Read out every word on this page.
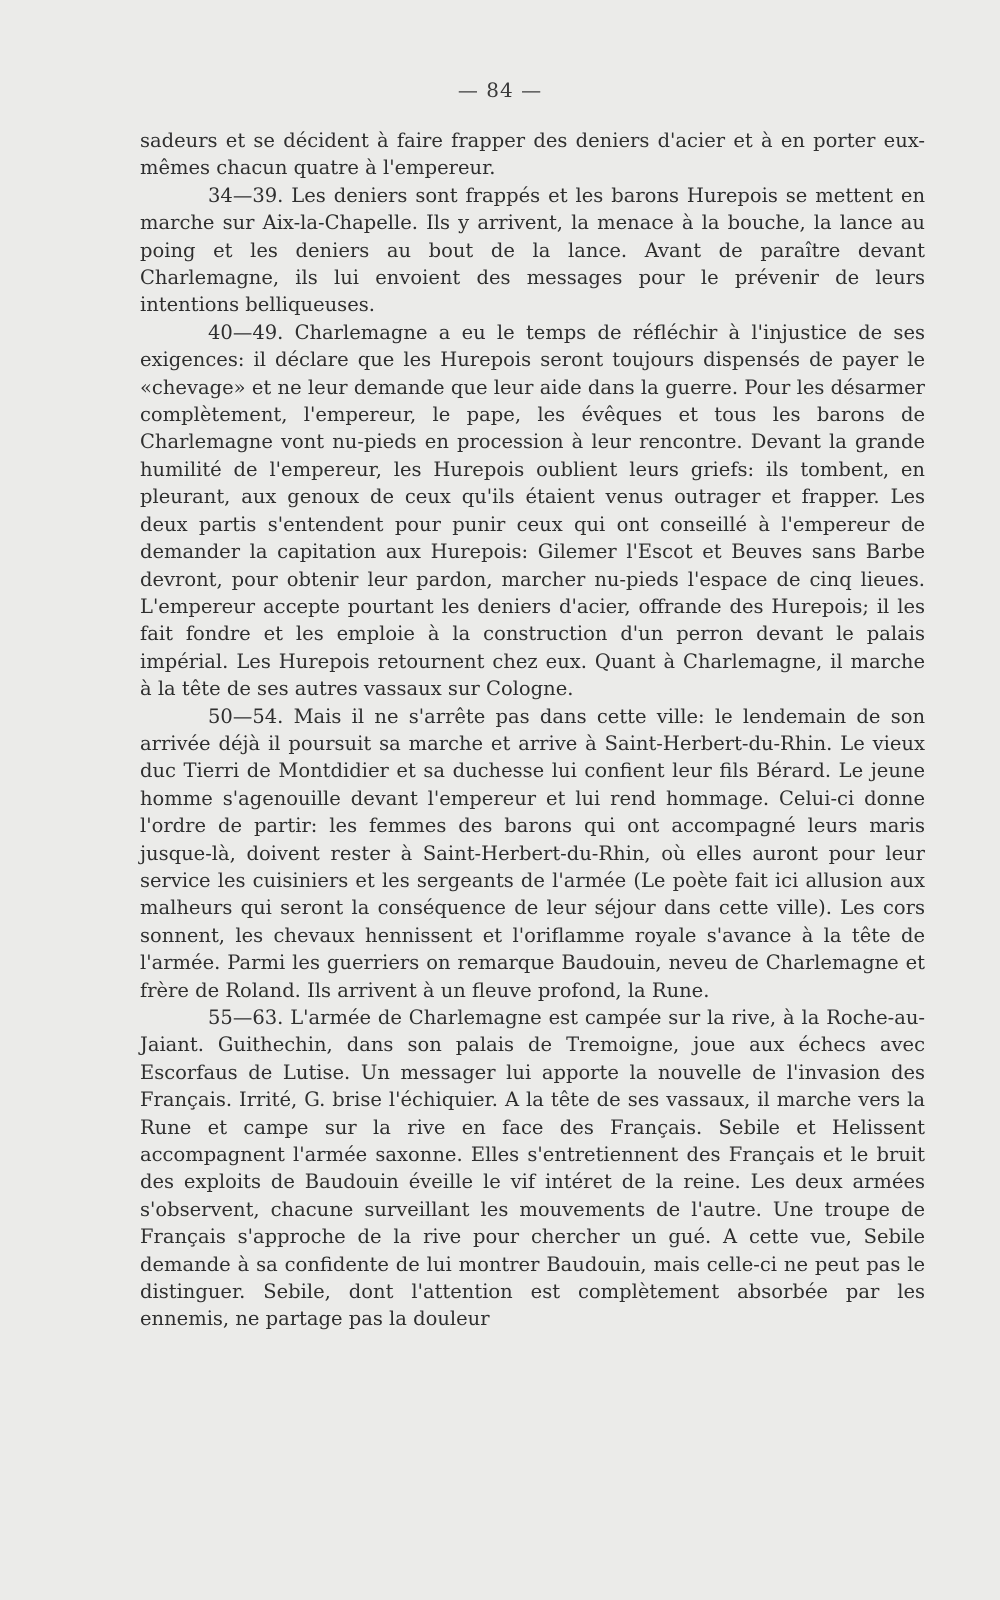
— 84 —

sadeurs et se décident à faire frapper des deniers d'acier et à en porter eux-mêmes chacun quatre à l'empereur.

34—39. Les deniers sont frappés et les barons Hurepois se mettent en marche sur Aix-la-Chapelle. Ils y arrivent, la menace à la bouche, la lance au poing et les deniers au bout de la lance. Avant de paraître devant Charlemagne, ils lui envoient des messages pour le prévenir de leurs intentions belliqueuses.

40—49. Charlemagne a eu le temps de réfléchir à l'injustice de ses exigences: il déclare que les Hurepois seront toujours dispensés de payer le «chevage» et ne leur demande que leur aide dans la guerre. Pour les désarmer complètement, l'empereur, le pape, les évêques et tous les barons de Charlemagne vont nu-pieds en procession à leur rencontre. Devant la grande humilité de l'empereur, les Hurepois oublient leurs griefs: ils tombent, en pleurant, aux genoux de ceux qu'ils étaient venus outrager et frapper. Les deux partis s'entendent pour punir ceux qui ont conseillé à l'empereur de demander la capitation aux Hurepois: Gilemer l'Escot et Beuves sans Barbe devront, pour obtenir leur pardon, marcher nu-pieds l'espace de cinq lieues. L'empereur accepte pourtant les deniers d'acier, offrande des Hurepois; il les fait fondre et les emploie à la construction d'un perron devant le palais impérial. Les Hurepois retournent chez eux. Quant à Charlemagne, il marche à la tête de ses autres vassaux sur Cologne.

50—54. Mais il ne s'arrête pas dans cette ville: le lendemain de son arrivée déjà il poursuit sa marche et arrive à Saint-Herbert-du-Rhin. Le vieux duc Tierri de Montdidier et sa duchesse lui confient leur fils Bérard. Le jeune homme s'agenouille devant l'empereur et lui rend hommage. Celui-ci donne l'ordre de partir: les femmes des barons qui ont accompagné leurs maris jusque-là, doivent rester à Saint-Herbert-du-Rhin, où elles auront pour leur service les cuisiniers et les sergeants de l'armée (Le poète fait ici allusion aux malheurs qui seront la conséquence de leur séjour dans cette ville). Les cors sonnent, les chevaux hennissent et l'oriflamme royale s'avance à la tête de l'armée. Parmi les guerriers on remarque Baudouin, neveu de Charlemagne et frère de Roland. Ils arrivent à un fleuve profond, la Rune.

55—63. L'armée de Charlemagne est campée sur la rive, à la Roche-au-Jaiant. Guithechin, dans son palais de Tremoigne, joue aux échecs avec Escorfaus de Lutise. Un messager lui apporte la nouvelle de l'invasion des Français. Irrité, G. brise l'échiquier. A la tête de ses vassaux, il marche vers la Rune et campe sur la rive en face des Français. Sebile et Helissent accompagnent l'armée saxonne. Elles s'entretiennent des Français et le bruit des exploits de Baudouin éveille le vif intéret de la reine. Les deux armées s'observent, chacune surveillant les mouvements de l'autre. Une troupe de Français s'approche de la rive pour chercher un gué. A cette vue, Sebile demande à sa confidente de lui montrer Baudouin, mais celle-ci ne peut pas le distinguer. Sebile, dont l'attention est complètement absorbée par les ennemis, ne partage pas la douleur
